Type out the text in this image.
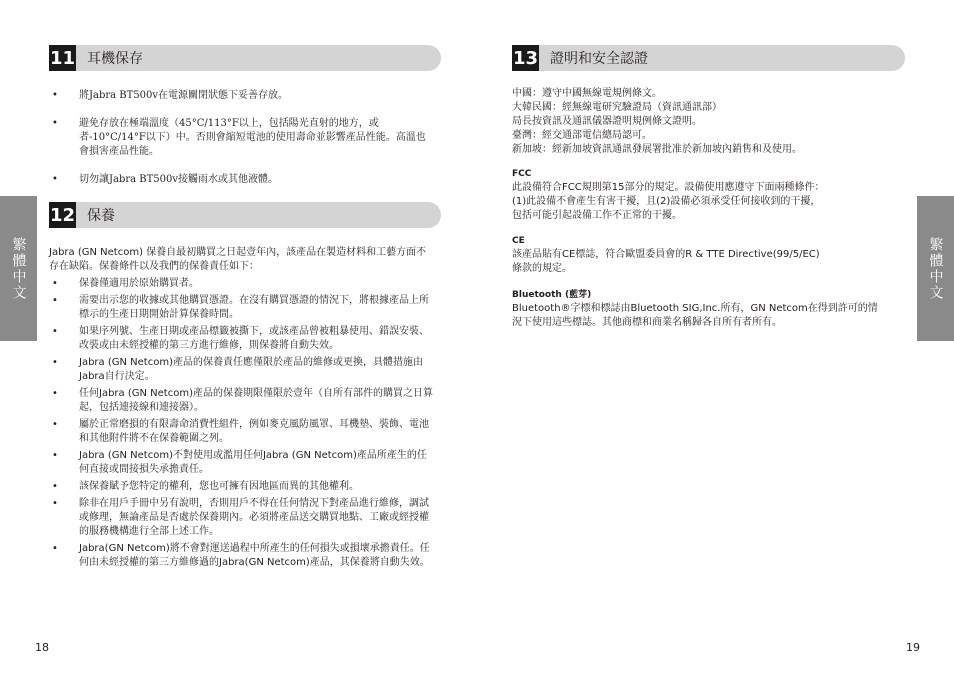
繁體中文
11 耳機保存
• 將Jabra BT500v在電源關閉狀態下妥善存放。
• 避免存放在極端溫度（45°C/113°F以上，包括陽光直射的地方，或者-10°C/14°F以下）中。否則會縮短電池的使用壽命並影響產品性能。高溫也會損害產品性能。
• 切勿讓Jabra BT500v接觸雨水或其他液體。
12 保養
Jabra (GN Netcom) 保養自最初購買之日起壹年內，該產品在製造材料和工藝方面不存在缺陷。保養條件以及我們的保養責任如下：
• 保養僅適用於原始購買者。
• 需要出示您的收據或其他購買憑證。在沒有購買憑證的情況下，將根據產品上所標示的生產日期開始計算保養時間。
• 如果序列號、生產日期或產品標籤被撕下，或該產品曾被粗暴使用、錯誤安裝、改裝或由未經授權的第三方進行維修，則保養將自動失效。
• Jabra (GN Netcom)產品的保養責任應僅限於產品的維修或更換，具體措施由Jabra自行決定。
• 任何Jabra (GN Netcom)產品的保養期限僅限於壹年（自所有部件的購買之日算起，包括連接線和連接器）。
• 屬於正常磨損的有限壽命消費性組件，例如麥克風防風罩、耳機墊、裝飾、電池和其他附件將不在保養範圍之列。
• Jabra (GN Netcom)不對使用或濫用任何Jabra (GN Netcom)產品所產生的任何直接或間接損失承擔責任。
• 該保養賦予您特定的權利，您也可擁有因地區而異的其他權利。
• 除非在用戶手冊中另有說明，否則用戶不得在任何情況下對產品進行維修，調試或修理，無論產品是否處於保養期內。必須將產品送交購買地點、工廠或經授權的服務機構進行全部上述工作。
• Jabra(GN Netcom)將不會對運送過程中所產生的任何損失或損壞承擔責任。任何由未經授權的第三方維修過的Jabra(GN Netcom)產品，其保養將自動失效。
18
繁體中文
13 證明和安全認證

中國：遵守中國無線電規例條文。

大韓民國：經無線電研究驗證局（資訊通訊部）

局長按資訊及通訊儀器證明規例條文證明。

臺灣：經交通部電信總局認可。

新加坡：經新加坡資訊通訊發展署批准於新加坡內銷售和及使用。

FCC

此設備符合FCC規則第15部分的規定。設備使用應遵守下面兩種條件：

(1)此設備不會產生有害干擾，且(2)設備必須承受任何接收到的干擾，

包括可能引起設備工作不正常的干擾。

CE

該產品貼有CE標誌，符合歐盟委員會的R & TTE Directive(99/5/EC)

條款的規定。

Bluetooth (藍芽)

Bluetooth®字標和標誌由Bluetooth SIG,Inc.所有，GN Netcom在得到許可的情

況下使用這些標誌。其他商標和商業名稱歸各自所有者所有。

19
